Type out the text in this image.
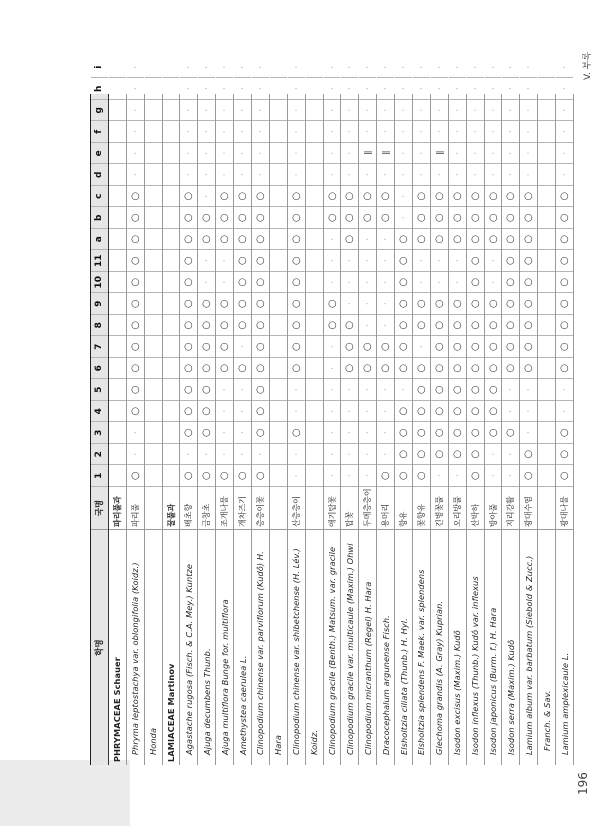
학명
국명
1
2
3
4
5
6
7
8
9
10
11
a
b
c
d
e
f
g
h
i
PHRYMACEAE Schauer
파리풀과
Phryma leptostachya var. oblongifolia (Koidz.)
파리풀
○
·
·
○
○
○
○
○
○
○
○
○
○
○
·
·
·
·
·
·
Honda LAMIACEAE Martinov
꿀풀과
Agastache rugosa (Fisch. & C.A. Mey.) Kuntze
배초향
○
·
○
○
○
○
○
○
○
○
○
○
○
○
·
·
·
·
·
·
Ajuga decumbens Thunb.
금창초
○
·
○
○
○
○
○
○
○
·
·
○
○
·
·
·
·
·
·
·
Ajuga multiflora Bunge for. multiflora
조개나물
○
·
·
·
·
○
○
○
○
·
·
○
○
○
·
·
·
·
·
·
Amethystea caerulea L.
개차즈기
○
·
·
·
·
○
·
○
○
○
○
○
○
○
·
·
·
·
·
·
Clinopodium chinense var. parviflorum (Kudô) H.
층층이꽃
○
·
○
○
○
○
○
○
○
○
○
○
○
○
·
·
·
·
·
·
Hara Clinopodium chinense var. shibetchense (H. Lév.)
산층층이
·
·
○
·
·
○
○
○
○
○
○
○
○
○
·
·
·
·
·
·
Koidz. Clinopodium gracile (Benth.) Matsum. var. gracile
애기탑꽃
·
·
·
·
·
·
·
○
○
·
·
·
○
○
·
·
·
·
·
·
Clinopodium gracile var. multicaule (Maxim.) Ohwi
탑꽃
·
·
·
·
·
○
○
○
·
·
·
○
○
○
·
·
·
·
·
·
Clinopodium micranthum (Regel) H. Hara
두메층층이
·
·
·
·
·
○
○
·
·
·
·
·
○
○
·
||
·
·
·
·
Dracocephalum argunense Fisch.
용머리
○
·
·
·
·
○
○
·
·
·
·
·
○
○
·
||
·
·
·
·
Elsholtzia ciliata (Thunb.) H. Hyl.
향유
○
○
○
○
·
○
○
○
○
○
○
○
·
·
·
·
·
·
·
·
Elsholtzia splendens F. Maek. var. splendens
꽃향유
○
○
○
○
○
○
·
○
○
·
·
○
○
○
·
·
·
·
·
·
Glechoma grandis (A. Gray) Kuprian.
긴병꽃풀
·
○
○
○
○
○
○
○
○
·
·
○
○
○
·
||
·
·
·
·
Isodon excisus (Maxim.) Kudô
오리방풀
·
○
○
○
○
○
○
○
○
·
·
○
○
○
·
·
·
·
·
·
Isodon inflexus (Thunb.) Kudô var. inflexus
산박하
○
○
○
○
○
○
○
○
○
○
○
○
○
○
·
·
·
·
·
·
Isodon japonicus (Burm. f.) H. Hara
방아풀
·
·
○
○
○
○
○
○
○
·
·
○
○
○
·
·
·
·
·
·
Isodon serra (Maxim.) Kudô
지리강활
·
·
○
·
·
○
○
○
○
○
○
○
○
○
·
·
·
·
·
·
Lamium album var. barbatum (Siebold & Zucc.)
광대수염
○
○
·
·
·
○
○
○
○
○
○
○
○
○
·
·
·
·
·
·
Franch. & Sav. Lamium amplexicaule L.
광대나물
○
○
○
·
·
○
○
○
○
○
○
○
○
○
·
·
·
·
·
·	V. 부록
196
